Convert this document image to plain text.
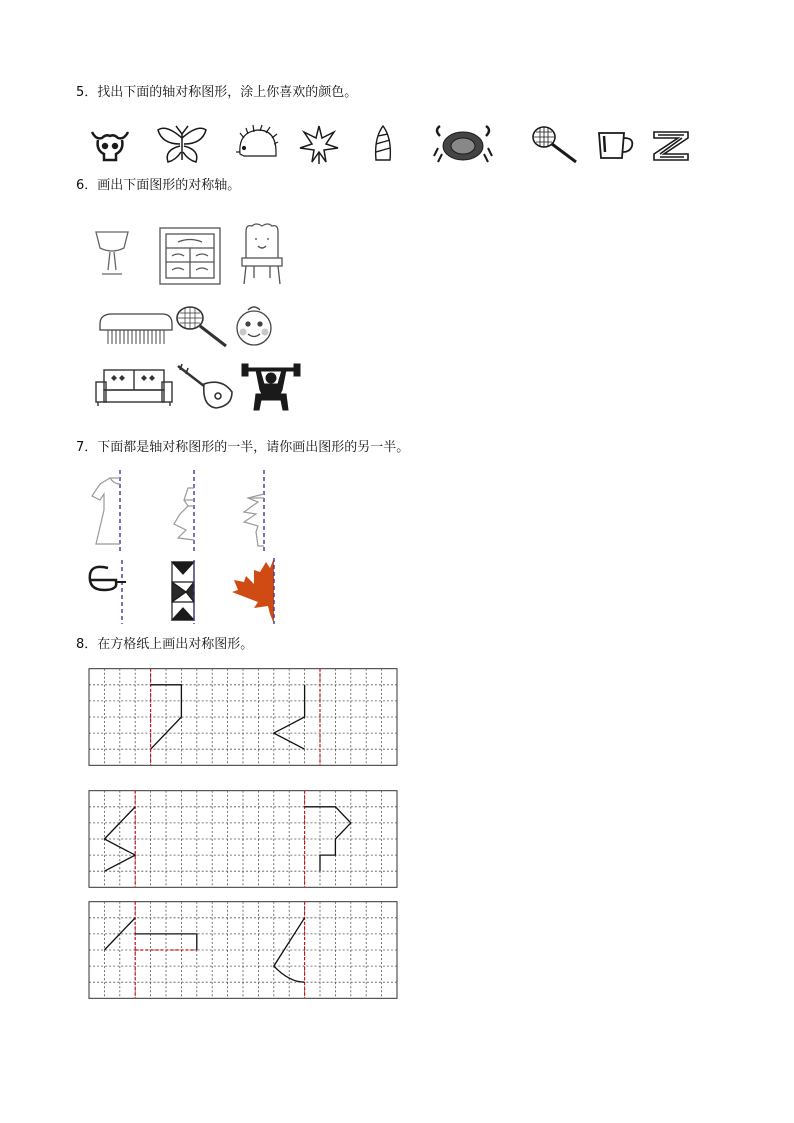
5．找出下面的轴对称图形，涂上你喜欢的颜色。
6．画出下面图形的对称轴。
7．下面都是轴对称图形的一半，请你画出图形的另一半。
8．在方格纸上画出对称图形。
